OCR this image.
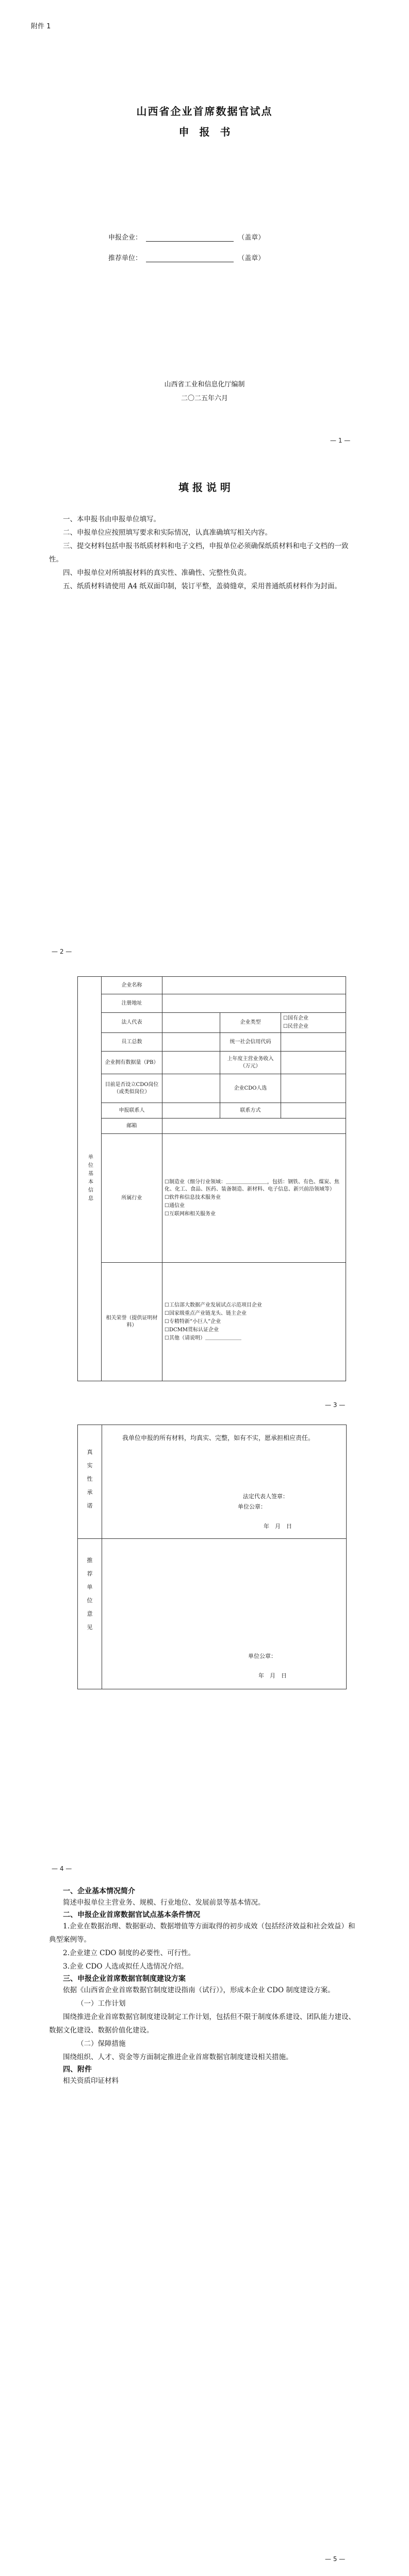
附件 1
山西省企业首席数据官试点
申　报　书
申报企业：	（盖章）
推荐单位：	（盖章）
山西省工业和信息化厅编制
二〇二五年六月
— 1 —
填 报 说 明
一、本申报书由申报单位填写。
二、申报单位应按照填写要求和实际情况，认真准确填写相关内容。
三、提交材料包括申报书纸质材料和电子文档，申报单位必须确保纸质材料和电子文档的一致性。
四、申报单位对所填报材料的真实性、准确性、完整性负责。
五、纸质材料请使用 A4 纸双面印制，装订平整，盖骑缝章，采用普通纸质材料作为封面。
— 2 —
单位基本信息	企业名称			
	注册地址			
	法人代表		企业类型	☐国有企业
☐民营企业

	员工总数		统一社会信用代码	
	企业拥有数据量（PB）		上年度主营业务收入（万元）	
	目前是否设立CDO岗位（或类似岗位）		企业CDO人选	
	申报联系人		联系方式	
	邮箱			
	所属行业	☐制造业（细分行业领域：＿＿＿＿＿＿＿＿，包括：钢铁、有色、煤炭、焦化、化工、食品、医药、装备制造、新材料、电子信息、新兴前沿领域等）
☐软件和信息技术服务业
☐通信业
☐互联网和相关服务业		

	相关荣誉（提供证明材料）	☐工信部大数据产业发展试点示范项目企业
☐国家级重点产业链龙头、链主企业
☐专精特新“小巨人”企业
☐DCMM贯标认证企业
☐其他（请说明）＿＿＿＿＿＿＿		
— 3 —
真实性承诺
我单位申报的所有材料，均真实、完整，如有不实，愿承担相应责任。
法定代表人签章：
单位公章：
年　月　日
推荐单位意见
单位公章：
年　月　日
— 4 —
一、企业基本情况简介
简述申报单位主营业务、规模、行业地位、发展前景等基本情况。
二、申报企业首席数据官试点基本条件情况
1.企业在数据治理、数据驱动、数据增值等方面取得的初步成效（包括经济效益和社会效益）和典型案例等。
2.企业建立 CDO 制度的必要性、可行性。
3.企业 CDO 人选或拟任人选情况介绍。
三、申报企业首席数据官制度建设方案
依据《山西省企业首席数据官制度建设指南（试行）》，形成本企业 CDO 制度建设方案。
（一）工作计划
围绕推进企业首席数据官制度建设制定工作计划，包括但不限于制度体系建设、团队能力建设、数据文化建设、数据价值化建设。
（二）保障措施
围绕组织、人才、资金等方面制定推进企业首席数据官制度建设相关措施。
四、附件
相关资质印证材料
— 5 —
